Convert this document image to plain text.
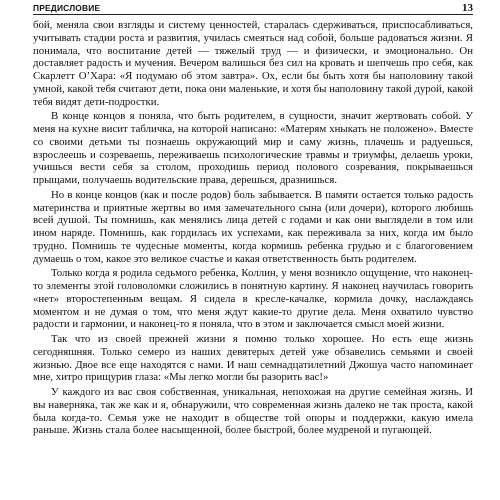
ПРЕДИСЛОВИЕ	13

бой, меняла свои взгляды и систему ценностей, старалась сдерживаться, приспосабливаться, учитывать стадии роста и развития, училась смеяться над собой, больше радоваться жизни. Я понимала, что воспитание детей — тяжелый труд — и физически, и эмоционально. Он доставляет радость и мучения. Вечером валишься без сил на кровать и шепчешь про себя, как Скарлетт О’Хара: «Я подумаю об этом завтра». Ох, если бы быть хотя бы наполовину такой умной, какой тебя считают дети, пока они маленькие, и хотя бы наполовину такой дурой, какой тебя видят дети-подростки.

В конце концов я поняла, что быть родителем, в сущности, значит жертвовать собой. У меня на кухне висит табличка, на которой написано: «Матерям хныкать не положено». Вместе со своими детьми ты познаешь окружающий мир и саму жизнь, плачешь и радуешься, взрослеешь и созреваешь, переживаешь психологические травмы и триумфы, делаешь уроки, учишься вести себя за столом, проходишь период полового созревания, покрываешься прыщами, получаешь водительские права, дерешься, дразнишься.

Но в конце концов (как и после родов) боль забывается. В памяти остается только радость материнства и приятные жертвы во имя замечательного сына (или дочери), которого любишь всей душой. Ты помнишь, как менялись лица детей с годами и как они выглядели в том или ином наряде. Помнишь, как гордилась их успехами, как переживала за них, когда им было трудно. Помнишь те чудесные моменты, когда кормишь ребенка грудью и с благоговением думаешь о том, какое это великое счастье и какая ответственность быть родителем.

Только когда я родила седьмого ребенка, Коллин, у меня возникло ощущение, что наконец-то элементы этой головоломки сложились в понятную картину. Я наконец научилась говорить «нет» второстепенным вещам. Я сидела в кресле-качалке, кормила дочку, наслаждаясь моментом и не думая о том, что меня ждут какие-то другие дела. Меня охватило чувство радости и гармонии, и наконец-то я поняла, что в этом и заключается смысл моей жизни.

Так что из своей прежней жизни я помню только хорошее. Но есть еще жизнь сегодняшняя. Только семеро из наших девятерых детей уже обзавелись семьями и своей жизнью. Двое все еще находятся с нами. И наш семнадцатилетний Джошуа часто напоминает мне, хитро прищурив глаза: «Мы легко могли бы разорить вас!»

У каждого из вас своя собственная, уникальная, непохожая на другие семейная жизнь. И вы наверняка, так же как и я, обнаружили, что современная жизнь далеко не так проста, какой была когда-то. Семья уже не находит в обществе той опоры и поддержки, какую имела раньше. Жизнь стала более насыщенной, более быстрой, более мудреной и пугающей.
